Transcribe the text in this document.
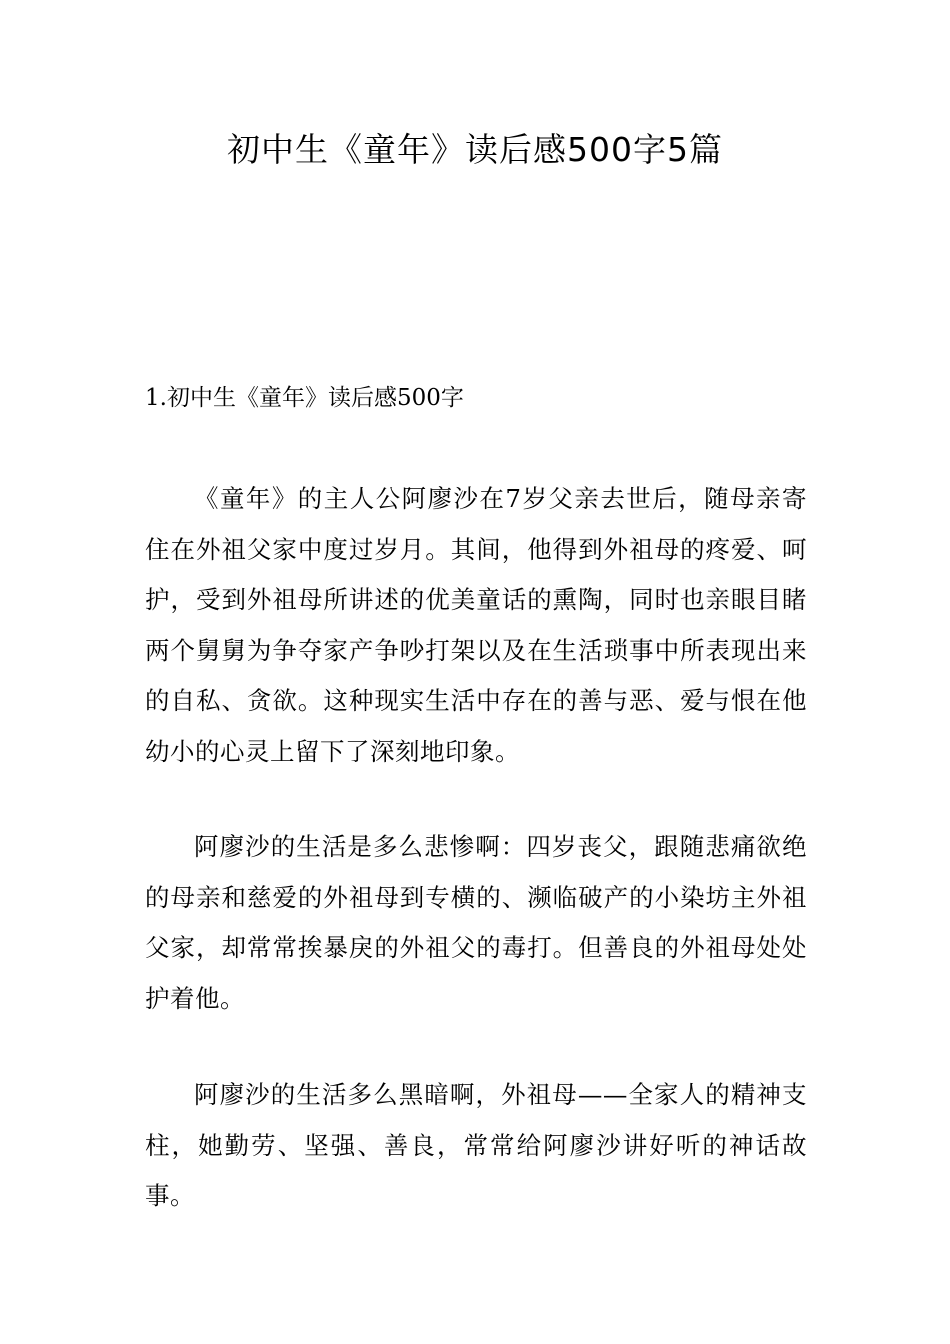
初中生《童年》读后感500字5篇
1.初中生《童年》读后感500字

《童年》的主人公阿廖沙在7岁父亲去世后，随母亲寄住在外祖父家中度过岁月。其间，他得到外祖母的疼爱、呵护，受到外祖母所讲述的优美童话的熏陶，同时也亲眼目睹两个舅舅为争夺家产争吵打架以及在生活琐事中所表现出来的自私、贪欲。这种现实生活中存在的善与恶、爱与恨在他幼小的心灵上留下了深刻地印象。

阿廖沙的生活是多么悲惨啊：四岁丧父，跟随悲痛欲绝的母亲和慈爱的外祖母到专横的、濒临破产的小染坊主外祖父家，却常常挨暴戾的外祖父的毒打。但善良的外祖母处处护着他。

阿廖沙的生活多么黑暗啊，外祖母——全家人的精神支柱，她勤劳、坚强、善良，常常给阿廖沙讲好听的神话故事。
